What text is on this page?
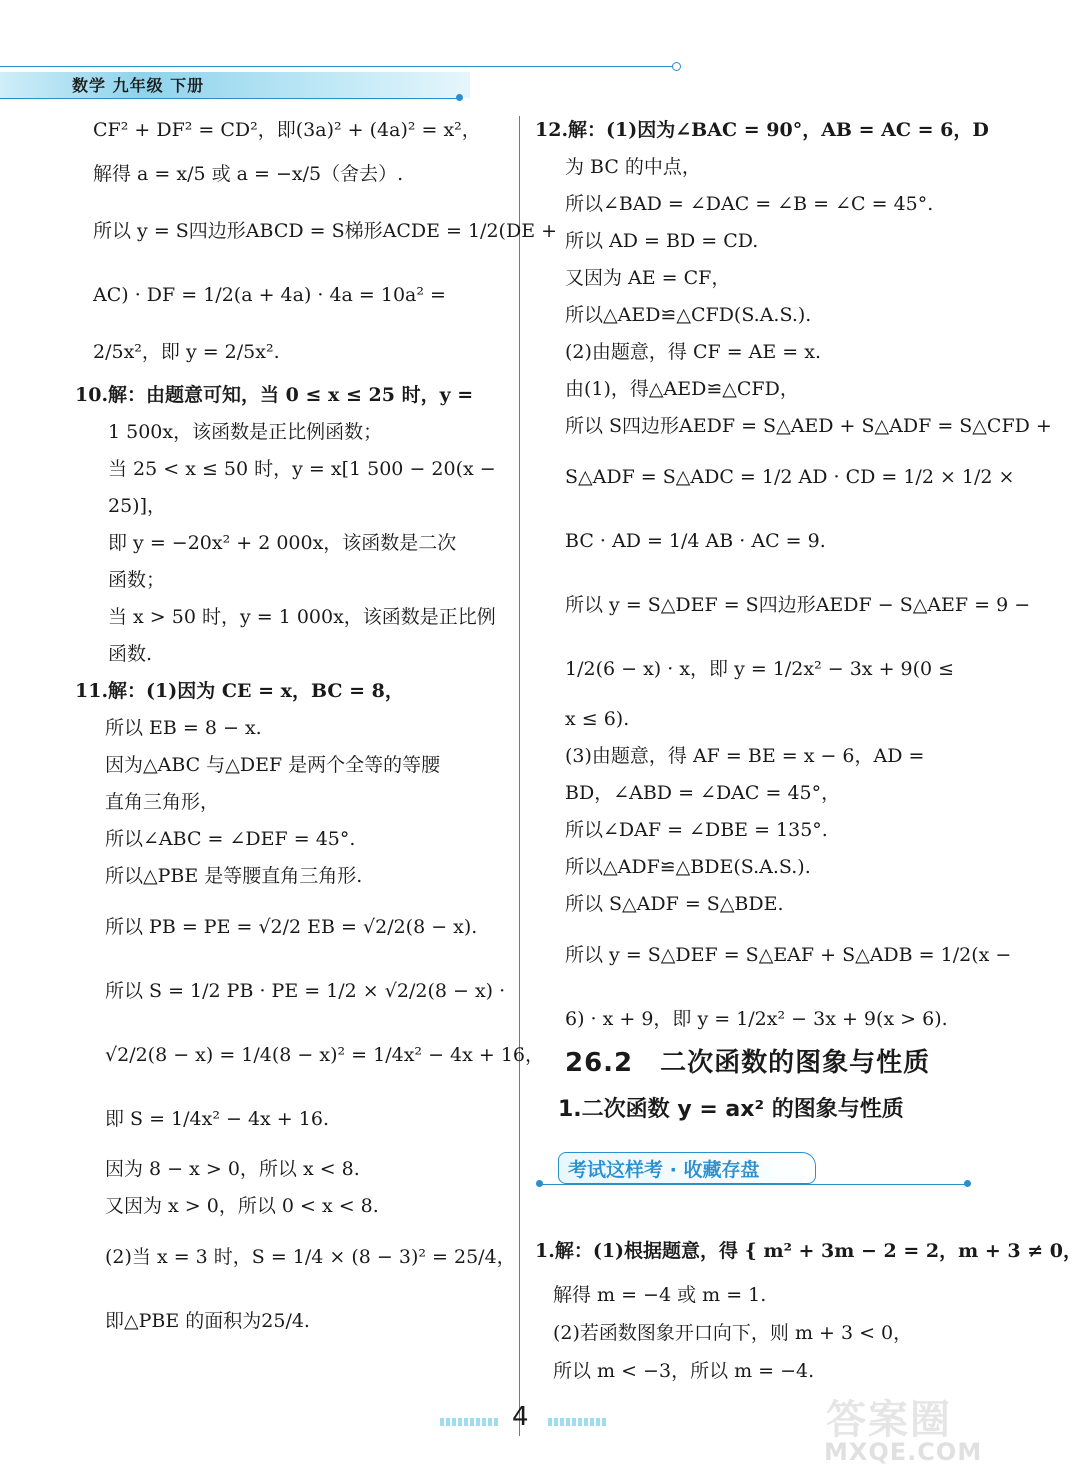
数学 九年级 下册
CF² + DF² = CD²，即(3a)² + (4a)² = x²，
解得 a = x/5 或 a = −x/5（舍去）.
所以 y = S四边形ABCD = S梯形ACDE = 1/2(DE +
AC) · DF = 1/2(a + 4a) · 4a = 10a² =
2/5x²，即 y = 2/5x².
10.解：由题意可知，当 0 ≤ x ≤ 25 时，y =
1 500x，该函数是正比例函数；
当 25 < x ≤ 50 时，y = x[1 500 − 20(x −
25)]，
即 y = −20x² + 2 000x，该函数是二次
函数；
当 x > 50 时，y = 1 000x，该函数是正比例
函数.
11.解：(1)因为 CE = x，BC = 8，
所以 EB = 8 − x.
因为△ABC 与△DEF 是两个全等的等腰
直角三角形，
所以∠ABC = ∠DEF = 45°.
所以△PBE 是等腰直角三角形.
所以 PB = PE = √2/2 EB = √2/2(8 − x).
所以 S = 1/2 PB · PE = 1/2 × √2/2(8 − x) ·
√2/2(8 − x) = 1/4(8 − x)² = 1/4x² − 4x + 16，
即 S = 1/4x² − 4x + 16.
因为 8 − x > 0，所以 x < 8.
又因为 x > 0，所以 0 < x < 8.
(2)当 x = 3 时，S = 1/4 × (8 − 3)² = 25/4，
即△PBE 的面积为25/4.
12.解：(1)因为∠BAC = 90°，AB = AC = 6，D
为 BC 的中点，
所以∠BAD = ∠DAC = ∠B = ∠C = 45°.
所以 AD = BD = CD.
又因为 AE = CF，
所以△AED≌△CFD(S.A.S.).
(2)由题意，得 CF = AE = x.
由(1)，得△AED≌△CFD，
所以 S四边形AEDF = S△AED + S△ADF = S△CFD +
S△ADF = S△ADC = 1/2 AD · CD = 1/2 × 1/2 ×
BC · AD = 1/4 AB · AC = 9.
所以 y = S△DEF = S四边形AEDF − S△AEF = 9 −
1/2(6 − x) · x，即 y = 1/2x² − 3x + 9(0 ≤
x ≤ 6).
(3)由题意，得 AF = BE = x − 6，AD =
BD，∠ABD = ∠DAC = 45°，
所以∠DAF = ∠DBE = 135°.
所以△ADF≌△BDE(S.A.S.).
所以 S△ADF = S△BDE.
所以 y = S△DEF = S△EAF + S△ADB = 1/2(x −
6) · x + 9，即 y = 1/2x² − 3x + 9(x > 6).
26.2　二次函数的图象与性质
1.二次函数 y = ax² 的图象与性质
考试这样考 · 收藏存盘
1.解：(1)根据题意，得 { m² + 3m − 2 = 2，m + 3 ≠ 0，
解得 m = −4 或 m = 1.
(2)若函数图象开口向下，则 m + 3 < 0，
所以 m < −3，所以 m = −4.
4	答案圈
MXQE.COM
